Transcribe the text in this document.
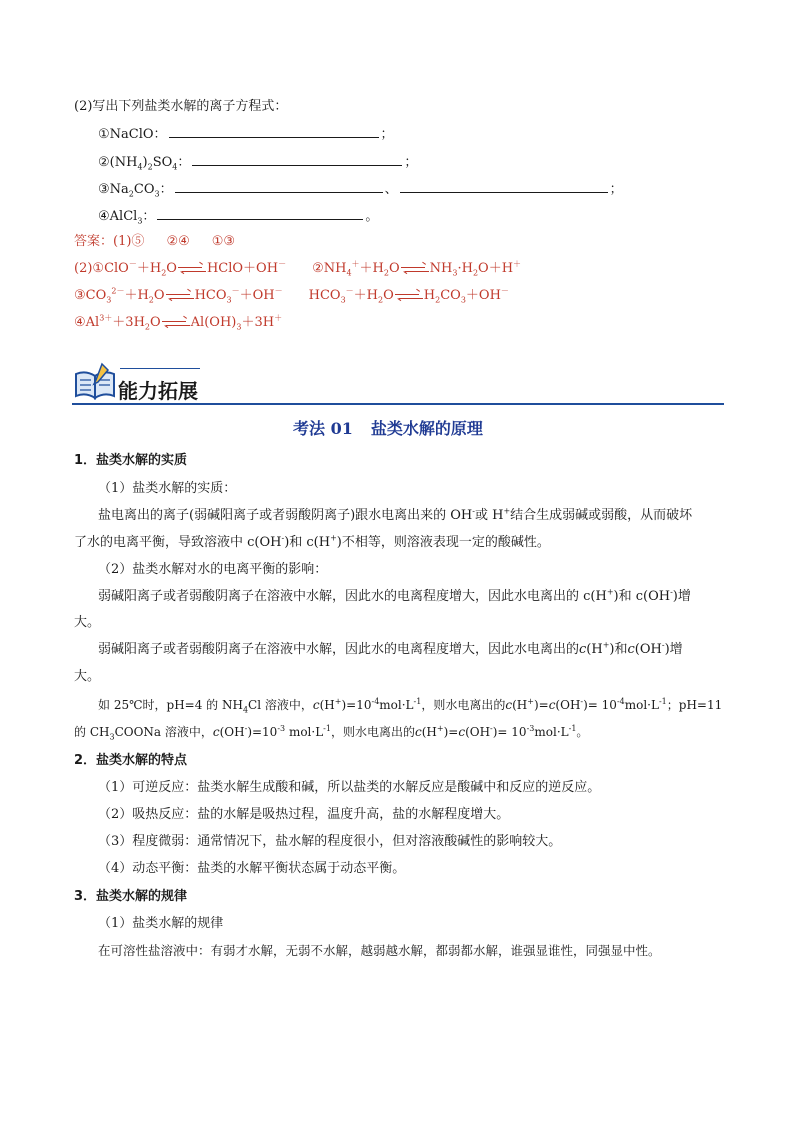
(2)写出下列盐类水解的离子方程式：
①NaClO：	；
$②(NH_4)_2SO_4$：	；
$③Na_2CO_3$：	、	；
④AlCl$_3$：	。
答案：(1)⑤ ②④ ①③
$(2)①ClO^-+H_2O$ HClO＋OH－ $②NH_4^++H_2O$ $NH_3\cdot H_2O+H^+$
$③CO_3^{2-}+H_2O$ $HCO_3^-+OH^-$ $HCO_3^-+H_2O$ $H_2CO_3+OH^-$
$④Al^{3+}+3H_2O$ $Al(OH)_3+3H^+$
能力拓展
考法 01 盐类水解的原理
1．盐类水解的实质
（1）盐类水解的实质：
盐电离出的离子(弱碱阳离子或者弱酸阴离子)跟水电离出来的 OH-或 H+结合生成弱碱或弱酸，从而破坏
了水的电离平衡，导致溶液中 c(OH-)和 c(H+)不相等，则溶液表现一定的酸碱性。
（2）盐类水解对水的电离平衡的影响：
弱碱阳离子或者弱酸阴离子在溶液中水解，因此水的电离程度增大，因此水电离出的 c(H+)和 c(OH-)增
大。
弱碱阳离子或者弱酸阴离子在溶液中水解，因此水的电离程度增大，因此水电离出的c(H+)和c(OH-)增
大。
如 25℃时，pH=4 的 $NH_4Cl$ 溶液中，$c(H^+)=10^{-4}mol\cdot L^{-1}$，则水电离出的$c(H^+)=c(OH^-)= 10^{-4}mol\cdot L^{-1}$；pH=11
的 $CH_3COONa$ 溶液中，$c(OH^-)=10^{-3}$ $mol\cdot L^{-1}$，则水电离出的$c(H^+)=c(OH^-)= 10^{-3}mol\cdot L^{-1}$。
2．盐类水解的特点
（1）可逆反应：盐类水解生成酸和碱，所以盐类的水解反应是酸碱中和反应的逆反应。
（2）吸热反应：盐的水解是吸热过程，温度升高，盐的水解程度增大。
（3）程度微弱：通常情况下，盐水解的程度很小，但对溶液酸碱性的影响较大。
（4）动态平衡：盐类的水解平衡状态属于动态平衡。
3．盐类水解的规律
（1）盐类水解的规律
在可溶性盐溶液中：有弱才水解，无弱不水解，越弱越水解，都弱都水解，谁强显谁性，同强显中性。
